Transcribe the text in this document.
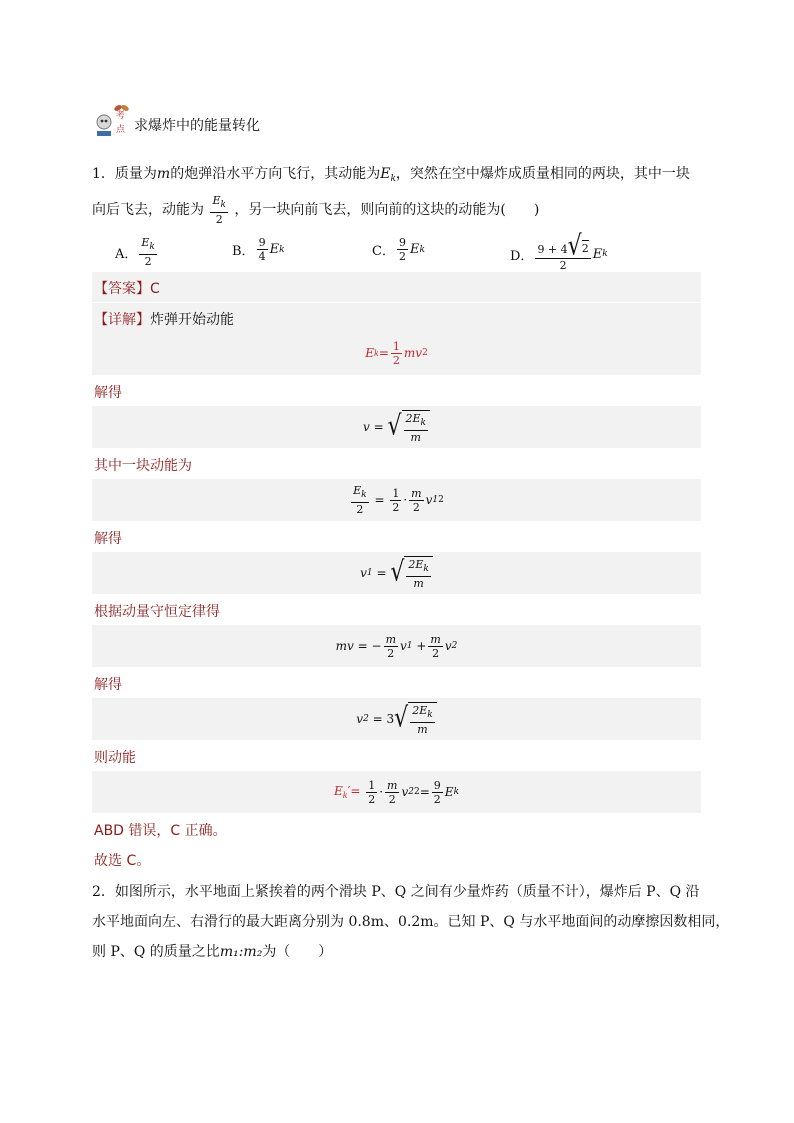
考
点 求爆炸中的能量转化
1．质量为m的炮弹沿水平方向飞行，其动能为$E_k$，突然在空中爆炸成质量相同的两块，其中一块
向后飞去，动能为 $\frac{E_k}{2}$ ，另一块向前飞去，则向前的这块的动能为(　　)
A． $\frac{E_k}{2}$	B． $\frac{9}{4}$ E k	C． $\frac{9}{2}$ E k	D． $\frac{9 + 4 √ 2}{2}$ E k
【答案】C
【详解】炸弹开始动能
E $k = \frac{1}{2}$ mv 2
解得
v
=
√ $\frac{2E_k}{m}$
其中一块动能为
$\frac{E_k}{2}$
=
$\frac{1}{2} \cdot \frac{m}{2}$ v 1 2
解得
v 1
=
√ $\frac{2E_k}{m}$
根据动量守恒定律得
m v
=
− $\frac{m}{2}$ v 1
+ $\frac{m}{2}$ v 2
解得
v 2
=
3 √ $\frac{2E_k}{m}$
则动能
$E_k'=$
$\frac{1}{2} \cdot \frac{m}{2}$ v 2 $2 = \frac{9}{2}$ E k
ABD 错误，C 正确。
故选 C。
2．如图所示，水平地面上紧挨着的两个滑块 P、Q 之间有少量炸药（质量不计），爆炸后 P、Q 沿
水平地面向左、右滑行的最大距离分别为 0.8m、0.2m。已知 P、Q 与水平地面间的动摩擦因数相同，
则 P、Q 的质量之比m₁:m₂为（　　）
